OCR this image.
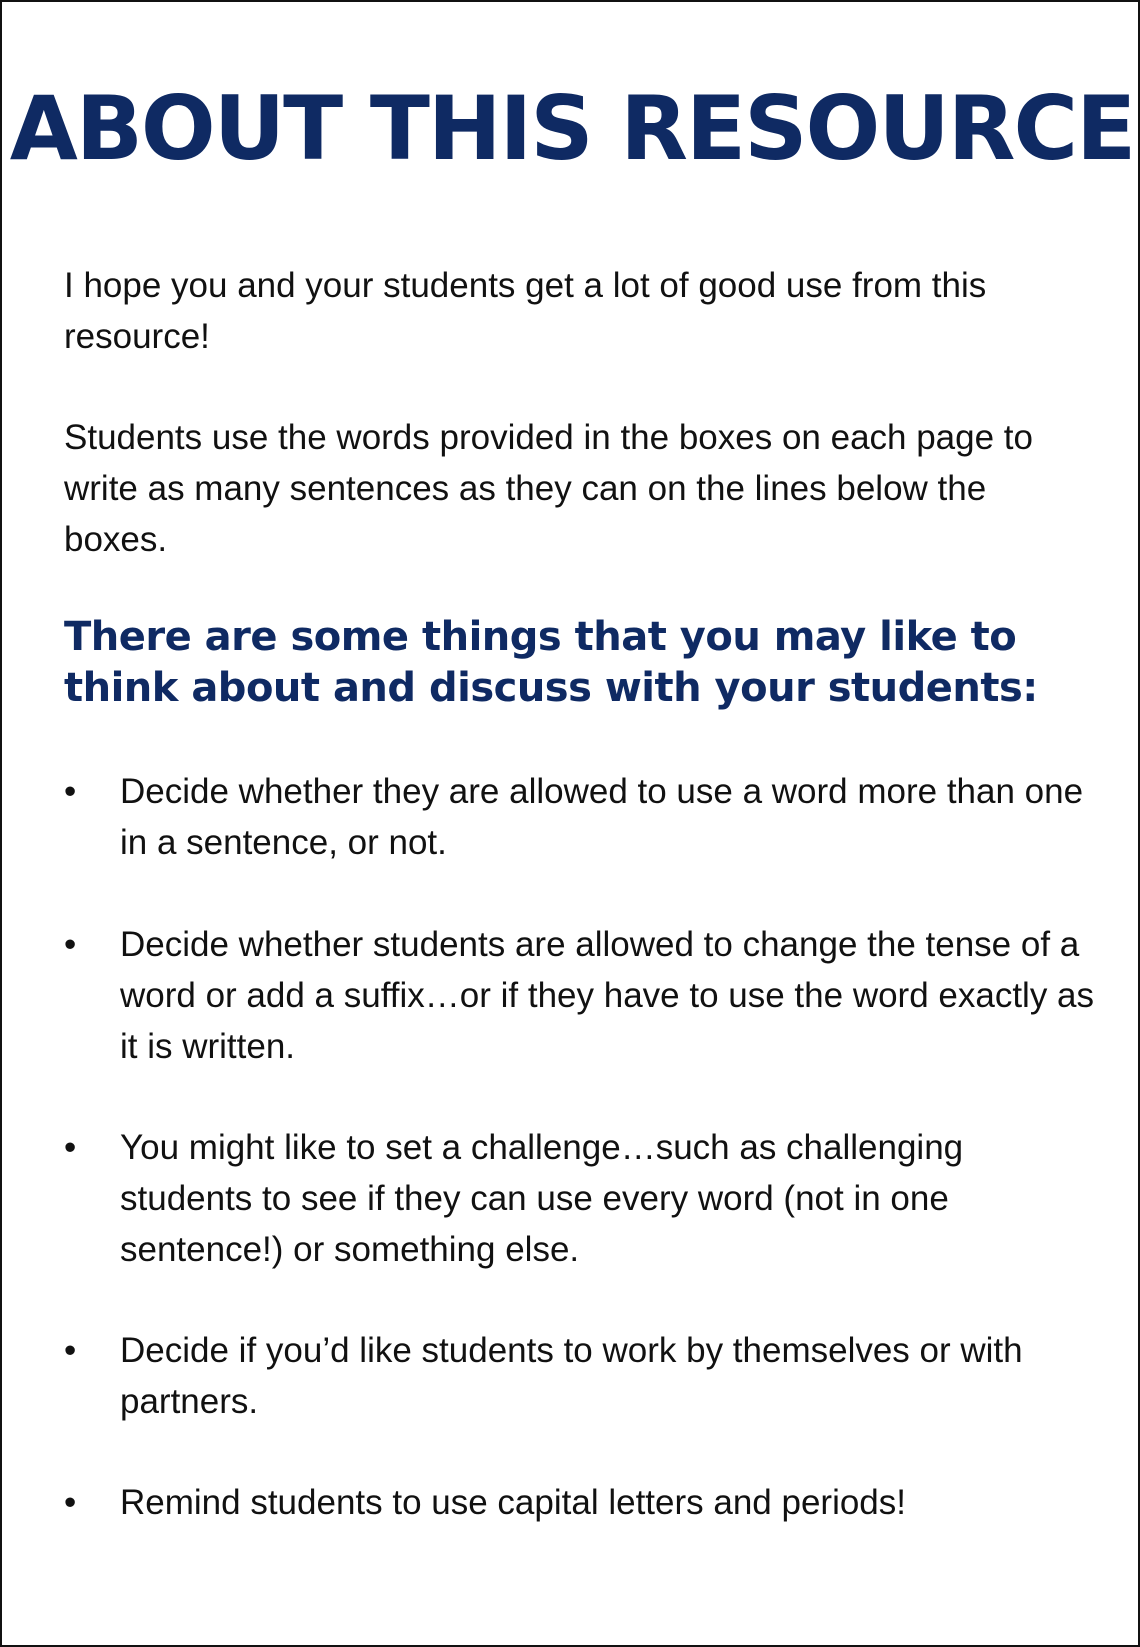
ABOUT THIS RESOURCE

I hope you and your students get a lot of good use from this resource!

Students use the words provided in the boxes on each page to write as many sentences as they can on the lines below the boxes.

There are some things that you may like to think about and discuss with your students:
•	Decide whether they are allowed to use a word more than one in a sentence, or not.
•	Decide whether students are allowed to change the tense of a word or add a suffix…or if they have to use the word exactly as it is written.
•	You might like to set a challenge…such as challenging students to see if they can use every word (not in one sentence!) or something else.
•	Decide if you’d like students to work by themselves or with partners.
•	Remind students to use capital letters and periods!
